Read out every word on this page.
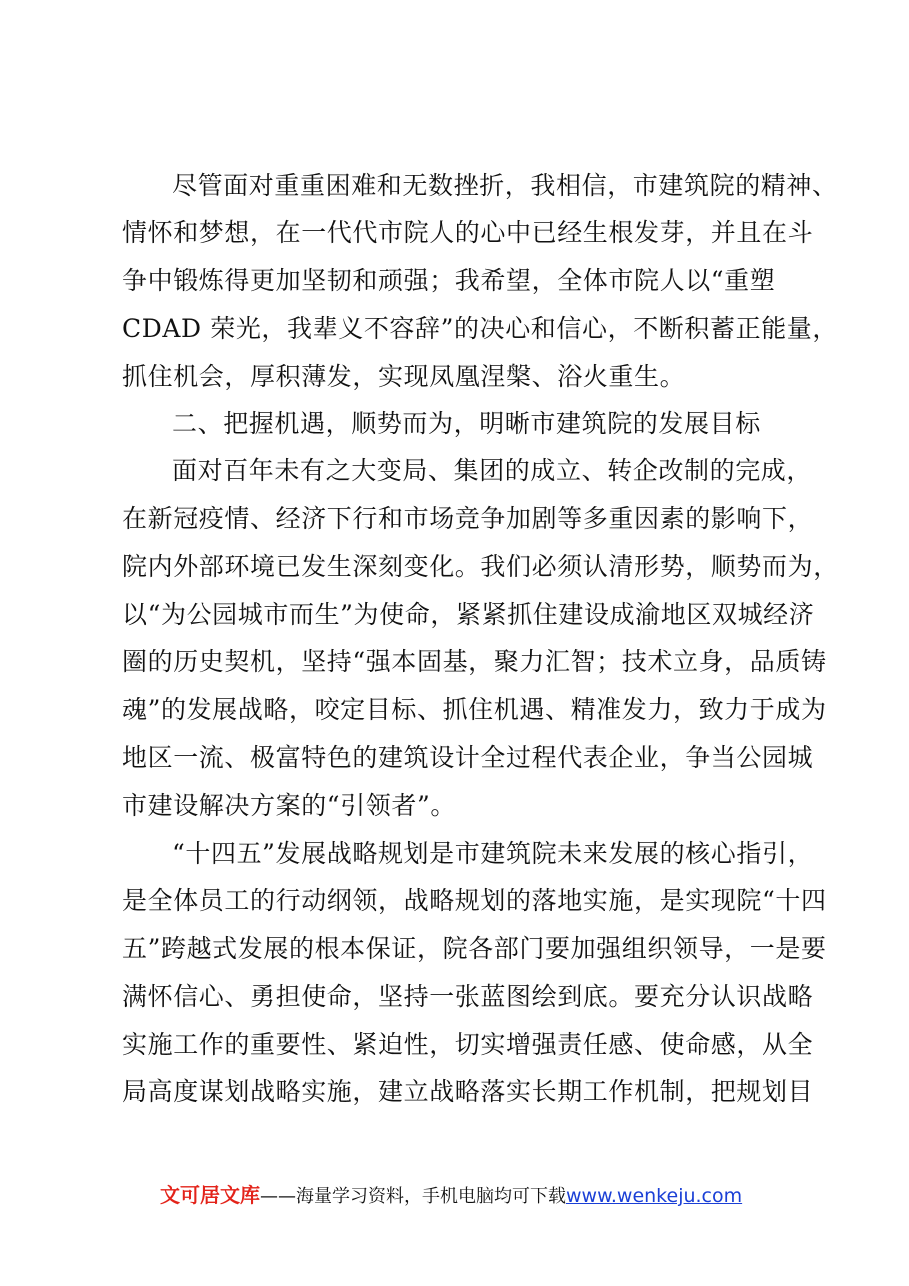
尽管面对重重困难和无数挫折，我相信，市建筑院的精神、
情怀和梦想，在一代代市院人的心中已经生根发芽，并且在斗
争中锻炼得更加坚韧和顽强；我希望，全体市院人以“重塑
CDAD 荣光，我辈义不容辞”的决心和信心，不断积蓄正能量，
抓住机会，厚积薄发，实现凤凰涅槃、浴火重生。
二、把握机遇，顺势而为，明晰市建筑院的发展目标
面对百年未有之大变局、集团的成立、转企改制的完成，
在新冠疫情、经济下行和市场竞争加剧等多重因素的影响下，
院内外部环境已发生深刻变化。我们必须认清形势，顺势而为，
以“为公园城市而生”为使命，紧紧抓住建设成渝地区双城经济
圈的历史契机，坚持“强本固基，聚力汇智；技术立身，品质铸
魂”的发展战略，咬定目标、抓住机遇、精准发力，致力于成为
地区一流、极富特色的建筑设计全过程代表企业，争当公园城
市建设解决方案的“引领者”。
“十四五”发展战略规划是市建筑院未来发展的核心指引，
是全体员工的行动纲领，战略规划的落地实施，是实现院“十四
五”跨越式发展的根本保证，院各部门要加强组织领导，一是要
满怀信心、勇担使命，坚持一张蓝图绘到底。要充分认识战略
实施工作的重要性、紧迫性，切实增强责任感、使命感，从全
局高度谋划战略实施，建立战略落实长期工作机制，把规划目
文可居文库——海量学习资料，手机电脑均可下载www.wenkeju.com
